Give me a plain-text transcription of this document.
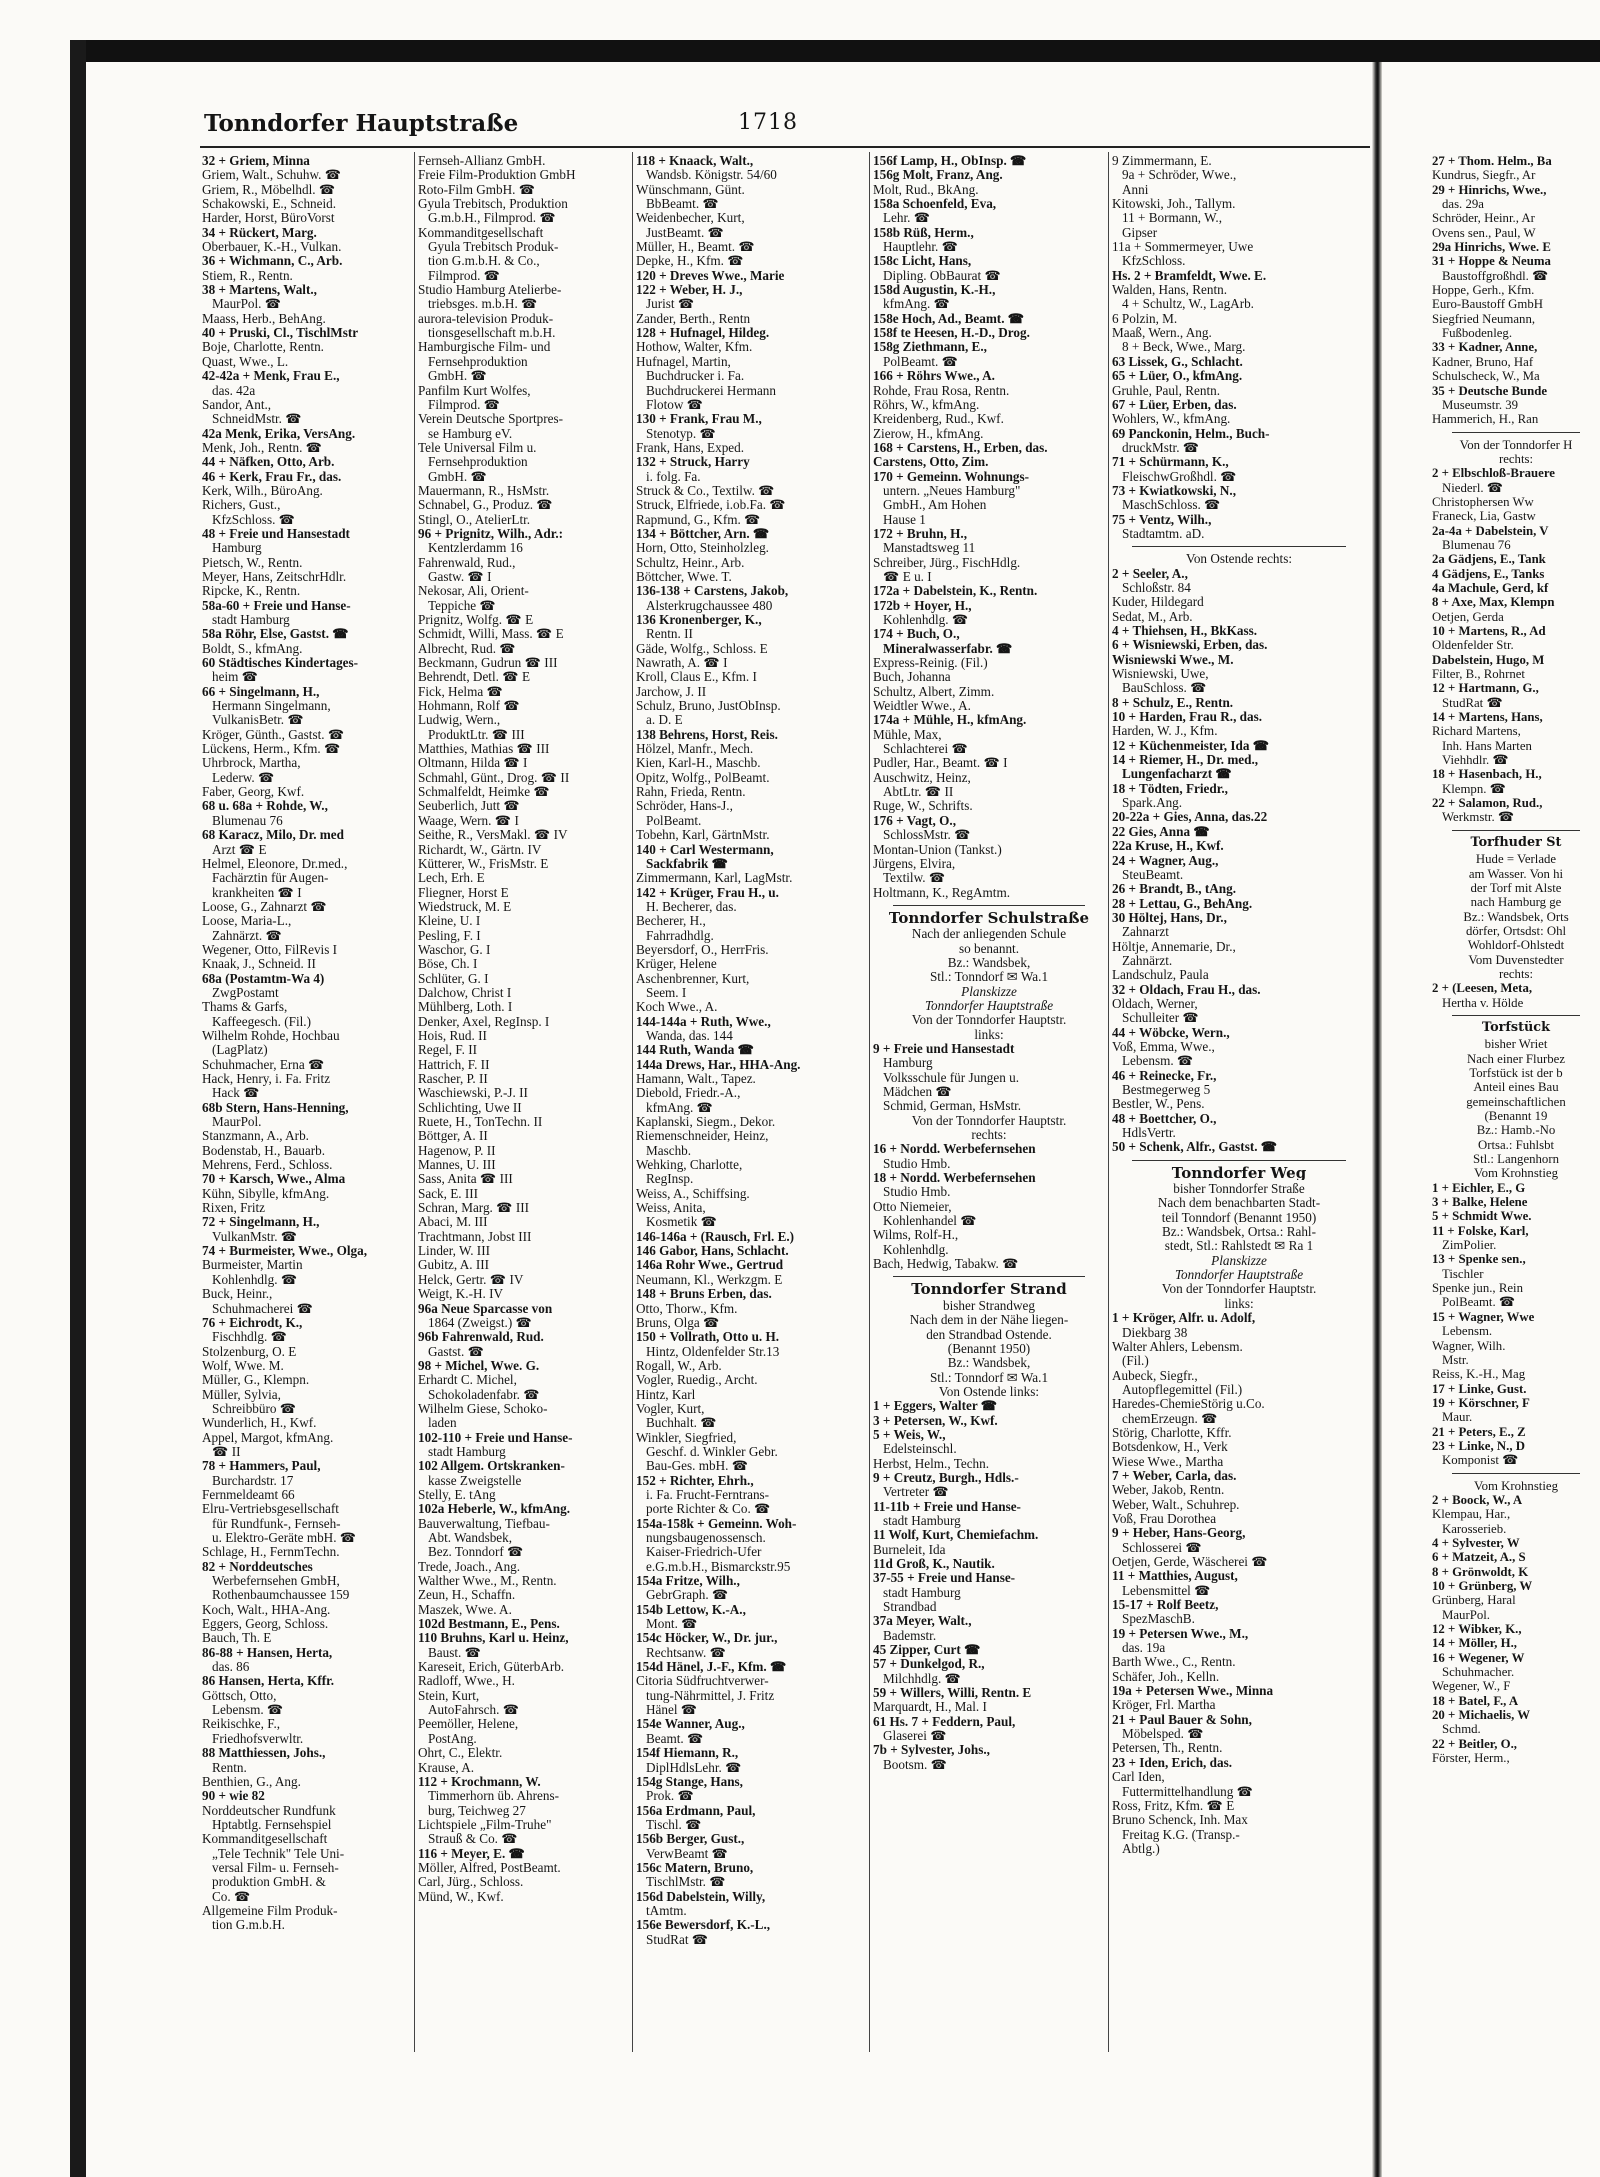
Tonndorfer Hauptstraße	1718
32 + Griem, Minna
Griem, Walt., Schuhw. ☎
Griem, R., Möbelhdl. ☎
Schakowski, E., Schneid.
Harder, Horst, BüroVorst
34 + Rückert, Marg.
Oberbauer, K.-H., Vulkan.
36 + Wichmann, C., Arb.
Stiem, R., Rentn.
38 + Martens, Walt.,
MaurPol. ☎
Maass, Herb., BehAng.
40 + Pruski, Cl., TischlMstr
Boje, Charlotte, Rentn.
Quast, Wwe., L.
42-42a + Menk, Frau E.,
das. 42a
Sandor, Ant.,
SchneidMstr. ☎
42a Menk, Erika, VersAng.
Menk, Joh., Rentn. ☎
44 + Näfken, Otto, Arb.
46 + Kerk, Frau Fr., das.
Kerk, Wilh., BüroAng.
Richers, Gust.,
KfzSchloss. ☎
48 + Freie und Hansestadt
Hamburg
Pietsch, W., Rentn.
Meyer, Hans, ZeitschrHdlr.
Ripcke, K., Rentn.
58a-60 + Freie und Hanse-
stadt Hamburg
58a Röhr, Else, Gastst. ☎
Boldt, S., kfmAng.
60 Städtisches Kindertages-
heim ☎
66 + Singelmann, H.,
Hermann Singelmann,
VulkanisBetr. ☎
Kröger, Günth., Gastst. ☎
Lückens, Herm., Kfm. ☎
Uhrbrock, Martha,
Lederw. ☎
Faber, Georg, Kwf.
68 u. 68a + Rohde, W.,
Blumenau 76
68 Karacz, Milo, Dr. med
Arzt ☎ E
Helmel, Eleonore, Dr.med.,
Fachärztin für Augen-
krankheiten ☎ I
Loose, G., Zahnarzt ☎
Loose, Maria-L.,
Zahnärzt. ☎
Wegener, Otto, FilRevis I
Knaak, J., Schneid. II
68a (Postamtm-Wa 4)
ZwgPostamt
Thams & Garfs,
Kaffeegesch. (Fil.)
Wilhelm Rohde, Hochbau
(LagPlatz)
Schuhmacher, Erna ☎
Hack, Henry, i. Fa. Fritz
Hack ☎
68b Stern, Hans-Henning,
MaurPol.
Stanzmann, A., Arb.
Bodenstab, H., Bauarb.
Mehrens, Ferd., Schloss.
70 + Karsch, Wwe., Alma
Kühn, Sibylle, kfmAng.
Rixen, Fritz
72 + Singelmann, H.,
VulkanMstr. ☎
74 + Burmeister, Wwe., Olga,
Burmeister, Martin
Kohlenhdlg. ☎
Buck, Heinr.,
Schuhmacherei ☎
76 + Eichrodt, K.,
Fischhdlg. ☎
Stolzenburg, O. E
Wolf, Wwe. M.
Müller, G., Klempn.
Müller, Sylvia,
Schreibbüro ☎
Wunderlich, H., Kwf.
Appel, Margot, kfmAng.
☎ II
78 + Hammers, Paul,
Burchardstr. 17
Fernmeldeamt 66
Elru-Vertriebsgesellschaft
für Rundfunk-, Fernseh-
u. Elektro-Geräte mbH. ☎
Schlage, H., FernmTechn.
82 + Norddeutsches
Werbefernsehen GmbH,
Rothenbaumchaussee 159
Koch, Walt., HHA-Ang.
Eggers, Georg, Schloss.
Bauch, Th. E
86-88 + Hansen, Herta,
das. 86
86 Hansen, Herta, Kffr.
Göttsch, Otto,
Lebensm. ☎
Reikischke, F.,
Friedhofsverwltr.
88 Matthiessen, Johs.,
Rentn.
Benthien, G., Ang.
90 + wie 82
Norddeutscher Rundfunk
Hptabtlg. Fernsehspiel
Kommanditgesellschaft
„Tele Technik" Tele Uni-
versal Film- u. Fernseh-
produktion GmbH. &
Co. ☎
Allgemeine Film Produk-
tion G.m.b.H.
Fernseh-Allianz GmbH.
Freie Film-Produktion GmbH
Roto-Film GmbH. ☎
Gyula Trebitsch, Produktion
G.m.b.H., Filmprod. ☎
Kommanditgesellschaft
Gyula Trebitsch Produk-
tion G.m.b.H. & Co.,
Filmprod. ☎
Studio Hamburg Atelierbe-
triebsges. m.b.H. ☎
aurora-television Produk-
tionsgesellschaft m.b.H.
Hamburgische Film- und
Fernsehproduktion
GmbH. ☎
Panfilm Kurt Wolfes,
Filmprod. ☎
Verein Deutsche Sportpres-
se Hamburg eV.
Tele Universal Film u.
Fernsehproduktion
GmbH. ☎
Mauermann, R., HsMstr.
Schnabel, G., Produz. ☎
Stingl, O., AtelierLtr.
96 + Prignitz, Wilh., Adr.:
Kentzlerdamm 16
Fahrenwald, Rud.,
Gastw. ☎ I
Nekosar, Ali, Orient-
Teppiche ☎
Prignitz, Wolfg. ☎ E
Schmidt, Willi, Mass. ☎ E
Albrecht, Rud. ☎
Beckmann, Gudrun ☎ III
Behrendt, Detl. ☎ E
Fick, Helma ☎
Hohmann, Rolf ☎
Ludwig, Wern.,
ProduktLtr. ☎ III
Matthies, Mathias ☎ III
Oltmann, Hilda ☎ I
Schmahl, Günt., Drog. ☎ II
Schmalfeldt, Heimke ☎
Seuberlich, Jutt ☎
Waage, Wern. ☎ I
Seithe, R., VersMakl. ☎ IV
Richardt, W., Gärtn. IV
Kütterer, W., FrisMstr. E
Lech, Erh. E
Fliegner, Horst E
Wiedstruck, M. E
Kleine, U. I
Pesling, F. I
Waschor, G. I
Böse, Ch. I
Schlüter, G. I
Dalchow, Christ I
Mühlberg, Loth. I
Denker, Axel, RegInsp. I
Hois, Rud. II
Regel, F. II
Hattrich, F. II
Rascher, P. II
Waschiewski, P.-J. II
Schlichting, Uwe II
Ruete, H., TonTechn. II
Böttger, A. II
Hagenow, P. II
Mannes, U. III
Sass, Anita ☎ III
Sack, E. III
Schran, Marg. ☎ III
Abaci, M. III
Trachtmann, Jobst III
Linder, W. III
Gubitz, A. III
Helck, Gertr. ☎ IV
Weigt, K.-H. IV
96a Neue Sparcasse von
1864 (Zweigst.) ☎
96b Fahrenwald, Rud.
Gastst. ☎
98 + Michel, Wwe. G.
Erhardt C. Michel,
Schokoladenfabr. ☎
Wilhelm Giese, Schoko-
laden
102-110 + Freie und Hanse-
stadt Hamburg
102 Allgem. Ortskranken-
kasse Zweigstelle
Stelly, E. tAng
102a Heberle, W., kfmAng.
Bauverwaltung, Tiefbau-
Abt. Wandsbek,
Bez. Tonndorf ☎
Trede, Joach., Ang.
Walther Wwe., M., Rentn.
Zeun, H., Schaffn.
Maszek, Wwe. A.
102d Bestmann, E., Pens.
110 Bruhns, Karl u. Heinz,
Baust. ☎
Kareseit, Erich, GüterbArb.
Radloff, Wwe., H.
Stein, Kurt,
AutoFahrsch. ☎
Peemöller, Helene,
PostAng.
Ohrt, C., Elektr.
Krause, A.
112 + Krochmann, W.
Timmerhorn üb. Ahrens-
burg, Teichweg 27
Lichtspiele „Film-Truhe"
Strauß & Co. ☎
116 + Meyer, E. ☎
Möller, Alfred, PostBeamt.
Carl, Jürg., Schloss.
Münd, W., Kwf.
118 + Knaack, Walt.,
Wandsb. Königstr. 54/60
Wünschmann, Günt.
BbBeamt. ☎
Weidenbecher, Kurt,
JustBeamt. ☎
Müller, H., Beamt. ☎
Depke, H., Kfm. ☎
120 + Dreves Wwe., Marie
122 + Weber, H. J.,
Jurist ☎
Zander, Berth., Rentn
128 + Hufnagel, Hildeg.
Hothow, Walter, Kfm.
Hufnagel, Martin,
Buchdrucker i. Fa.
Buchdruckerei Hermann
Flotow ☎
130 + Frank, Frau M.,
Stenotyp. ☎
Frank, Hans, Exped.
132 + Struck, Harry
i. folg. Fa.
Struck & Co., Textilw. ☎
Struck, Elfriede, i.ob.Fa. ☎
Rapmund, G., Kfm. ☎
134 + Böttcher, Arn. ☎
Horn, Otto, Steinholzleg.
Schultz, Heinr., Arb.
Böttcher, Wwe. T.
136-138 + Carstens, Jakob,
Alsterkrugchaussee 480
136 Kronenberger, K.,
Rentn. II
Gäde, Wolfg., Schloss. E
Nawrath, A. ☎ I
Kroll, Claus E., Kfm. I
Jarchow, J. II
Schulz, Bruno, JustObInsp.
a. D. E
138 Behrens, Horst, Reis.
Hölzel, Manfr., Mech.
Kien, Karl-H., Maschb.
Opitz, Wolfg., PolBeamt.
Rahn, Frieda, Rentn.
Schröder, Hans-J.,
PolBeamt.
Tobehn, Karl, GärtnMstr.
140 + Carl Westermann,
Sackfabrik ☎
Zimmermann, Karl, LagMstr.
142 + Krüger, Frau H., u.
H. Becherer, das.
Becherer, H.,
Fahrradhdlg.
Beyersdorf, O., HerrFris.
Krüger, Helene
Aschenbrenner, Kurt,
Seem. I
Koch Wwe., A.
144-144a + Ruth, Wwe.,
Wanda, das. 144
144 Ruth, Wanda ☎
144a Drews, Har., HHA-Ang.
Hamann, Walt., Tapez.
Diebold, Friedr.-A.,
kfmAng. ☎
Kaplanski, Siegm., Dekor.
Riemenschneider, Heinz,
Maschb.
Wehking, Charlotte,
RegInsp.
Weiss, A., Schiffsing.
Weiss, Anita,
Kosmetik ☎
146-146a + (Rausch, Frl. E.)
146 Gabor, Hans, Schlacht.
146a Rohr Wwe., Gertrud
Neumann, Kl., Werkzgm. E
148 + Bruns Erben, das.
Otto, Thorw., Kfm.
Bruns, Olga ☎
150 + Vollrath, Otto u. H.
Hintz, Oldenfelder Str.13
Rogall, W., Arb.
Vogler, Ruedig., Archt.
Hintz, Karl
Vogler, Kurt,
Buchhalt. ☎
Winkler, Siegfried,
Geschf. d. Winkler Gebr.
Bau-Ges. mbH. ☎
152 + Richter, Ehrh.,
i. Fa. Frucht-Ferntrans-
porte Richter & Co. ☎
154a-158k + Gemeinn. Woh-
nungsbaugenossensch.
Kaiser-Friedrich-Ufer
e.G.m.b.H., Bismarckstr.95
154a Fritze, Wilh.,
GebrGraph. ☎
154b Lettow, K.-A.,
Mont. ☎
154c Höcker, W., Dr. jur.,
Rechtsanw. ☎
154d Hänel, J.-F., Kfm. ☎
Citoria Südfruchtverwer-
tung-Nährmittel, J. Fritz
Hänel ☎
154e Wanner, Aug.,
Beamt. ☎
154f Hiemann, R.,
DiplHdlsLehr. ☎
154g Stange, Hans,
Prok. ☎
156a Erdmann, Paul,
Tischl. ☎
156b Berger, Gust.,
VerwBeamt ☎
156c Matern, Bruno,
TischlMstr. ☎
156d Dabelstein, Willy,
tAmtm.
156e Bewersdorf, K.-L.,
StudRat ☎
156f Lamp, H., ObInsp. ☎
156g Molt, Franz, Ang.
Molt, Rud., BkAng.
158a Schoenfeld, Eva,
Lehr. ☎
158b Rüß, Herm.,
Hauptlehr. ☎
158c Licht, Hans,
Dipling. ObBaurat ☎
158d Augustin, K.-H.,
kfmAng. ☎
158e Hoch, Ad., Beamt. ☎
158f te Heesen, H.-D., Drog.
158g Ziethmann, E.,
PolBeamt. ☎
166 + Röhrs Wwe., A.
Rohde, Frau Rosa, Rentn.
Röhrs, W., kfmAng.
Kreidenberg, Rud., Kwf.
Zierow, H., kfmAng.
168 + Carstens, H., Erben, das.
Carstens, Otto, Zim.
170 + Gemeinn. Wohnungs-
untern. „Neues Hamburg"
GmbH., Am Hohen
Hause 1
172 + Bruhn, H.,
Manstadtsweg 11
Schreiber, Jürg., FischHdlg.
☎ E u. I
172a + Dabelstein, K., Rentn.
172b + Hoyer, H.,
Kohlenhdlg. ☎
174 + Buch, O.,
Mineralwasserfabr. ☎
Express-Reinig. (Fil.)
Buch, Johanna
Schultz, Albert, Zimm.
Weidtler Wwe., A.
174a + Mühle, H., kfmAng.
Mühle, Max,
Schlachterei ☎
Pudler, Har., Beamt. ☎ I
Auschwitz, Heinz,
AbtLtr. ☎ II
Ruge, W., Schrifts.
176 + Vagt, O.,
SchlossMstr. ☎
Montan-Union (Tankst.)
Jürgens, Elvira,
Textilw. ☎
Holtmann, K., RegAmtm.
Tonndorfer Schulstraße
Nach der anliegenden Schule
so benannt.
Bz.: Wandsbek,
Stl.: Tonndorf ✉ Wa.1
Planskizze
Tonndorfer Hauptstraße
Von der Tonndorfer Hauptstr.
links:
9 + Freie und Hansestadt
Hamburg
Volksschule für Jungen u.
Mädchen ☎
Schmid, German, HsMstr.
Von der Tonndorfer Hauptstr.
rechts:
16 + Nordd. Werbefernsehen
Studio Hmb.
18 + Nordd. Werbefernsehen
Studio Hmb.
Otto Niemeier,
Kohlenhandel ☎
Wilms, Rolf-H.,
Kohlenhdlg.
Bach, Hedwig, Tabakw. ☎
Tonndorfer Strand
bisher Strandweg
Nach dem in der Nähe liegen-
den Strandbad Ostende.
(Benannt 1950)
Bz.: Wandsbek,
Stl.: Tonndorf ✉ Wa.1
Von Ostende links:
1 + Eggers, Walter ☎
3 + Petersen, W., Kwf.
5 + Weis, W.,
Edelsteinschl.
Herbst, Helm., Techn.
9 + Creutz, Burgh., Hdls.-
Vertreter ☎
11-11b + Freie und Hanse-
stadt Hamburg
11 Wolf, Kurt, Chemiefachm.
Burneleit, Ida
11d Groß, K., Nautik.
37-55 + Freie und Hanse-
stadt Hamburg
Strandbad
37a Meyer, Walt.,
Bademstr.
45 Zipper, Curt ☎
57 + Dunkelgod, R.,
Milchhdlg. ☎
59 + Willers, Willi, Rentn. E
Marquardt, H., Mal. I
61 Hs. 7 + Feddern, Paul,
Glaserei ☎
7b + Sylvester, Johs.,
Bootsm. ☎
9 Zimmermann, E.
9a + Schröder, Wwe.,
Anni
Kitowski, Joh., Tallym.
11 + Bormann, W.,
Gipser
11a + Sommermeyer, Uwe
KfzSchloss.
Hs. 2 + Bramfeldt, Wwe. E.
Walden, Hans, Rentn.
4 + Schultz, W., LagArb.
6 Polzin, M.
Maaß, Wern., Ang.
8 + Beck, Wwe., Marg.
63 Lissek, G., Schlacht.
65 + Lüer, O., kfmAng.
Gruhle, Paul, Rentn.
67 + Lüer, Erben, das.
Wohlers, W., kfmAng.
69 Panckonin, Helm., Buch-
druckMstr. ☎
71 + Schürmann, K.,
FleischwGroßhdl. ☎
73 + Kwiatkowski, N.,
MaschSchloss. ☎
75 + Ventz, Wilh.,
Stadtamtm. aD.
Von Ostende rechts:
2 + Seeler, A.,
Schloßstr. 84
Kuder, Hildegard
Sedat, M., Arb.
4 + Thiehsen, H., BkKass.
6 + Wisniewski, Erben, das.
Wisniewski Wwe., M.
Wisniewski, Uwe,
BauSchloss. ☎
8 + Schulz, E., Rentn.
10 + Harden, Frau R., das.
Harden, W. J., Kfm.
12 + Küchenmeister, Ida ☎
14 + Riemer, H., Dr. med.,
Lungenfacharzt ☎
18 + Tödten, Friedr.,
Spark.Ang.
20-22a + Gies, Anna, das.22
22 Gies, Anna ☎
22a Kruse, H., Kwf.
24 + Wagner, Aug.,
SteuBeamt.
26 + Brandt, B., tAng.
28 + Lettau, G., BehAng.
30 Höltej, Hans, Dr.,
Zahnarzt
Höltje, Annemarie, Dr.,
Zahnärzt.
Landschulz, Paula
32 + Oldach, Frau H., das.
Oldach, Werner,
Schulleiter ☎
44 + Wöbcke, Wern.,
Voß, Emma, Wwe.,
Lebensm. ☎
46 + Reinecke, Fr.,
Bestmegerweg 5
Bestler, W., Pens.
48 + Boettcher, O.,
HdlsVertr.
50 + Schenk, Alfr., Gastst. ☎
Tonndorfer Weg
bisher Tonndorfer Straße
Nach dem benachbarten Stadt-
teil Tonndorf (Benannt 1950)
Bz.: Wandsbek, Ortsa.: Rahl-
stedt, Stl.: Rahlstedt ✉ Ra 1
Planskizze
Tonndorfer Hauptstraße
Von der Tonndorfer Hauptstr.
links:
1 + Kröger, Alfr. u. Adolf,
Diekbarg 38
Walter Ahlers, Lebensm.
(Fil.)
Aubeck, Siegfr.,
Autopflegemittel (Fil.)
Haredes-ChemieStörig u.Co.
chemErzeugn. ☎
Störig, Charlotte, Kffr.
Botsdenkow, H., Verk
Wiese Wwe., Martha
7 + Weber, Carla, das.
Weber, Jakob, Rentn.
Weber, Walt., Schuhrep.
Voß, Frau Dorothea
9 + Heber, Hans-Georg,
Schlosserei ☎
Oetjen, Gerde, Wäscherei ☎
11 + Matthies, August,
Lebensmittel ☎
15-17 + Rolf Beetz,
SpezMaschB.
19 + Petersen Wwe., M.,
das. 19a
Barth Wwe., C., Rentn.
Schäfer, Joh., Kelln.
19a + Petersen Wwe., Minna
Kröger, Frl. Martha
21 + Paul Bauer & Sohn,
Möbelsped. ☎
Petersen, Th., Rentn.
23 + Iden, Erich, das.
Carl Iden,
Futtermittelhandlung ☎
Ross, Fritz, Kfm. ☎ E
Bruno Schenck, Inh. Max
Freitag K.G. (Transp.-
Abtlg.)
27 + Thom. Helm., Ba
Kundrus, Siegfr., Ar
29 + Hinrichs, Wwe.,
das. 29a
Schröder, Heinr., Ar
Ovens sen., Paul, W
29a Hinrichs, Wwe. E
31 + Hoppe & Neuma
Baustoffgroßhdl. ☎
Hoppe, Gerh., Kfm.
Euro-Baustoff GmbH
Siegfried Neumann,
Fußbodenleg.
33 + Kadner, Anne,
Kadner, Bruno, Haf
Schulscheck, W., Ma
35 + Deutsche Bunde
Museumstr. 39
Hammerich, H., Ran
Von der Tonndorfer H
rechts:
2 + Elbschloß-Brauere
Niederl. ☎
Christophersen Ww
Franeck, Lia, Gastw
2a-4a + Dabelstein, V
Blumenau 76
2a Gädjens, E., Tank
4 Gädjens, E., Tanks
4a Machule, Gerd, kf
8 + Axe, Max, Klempn
Oetjen, Gerda
10 + Martens, R., Ad
Oldenfelder Str.
Dabelstein, Hugo, M
Filter, B., Rohrnet
12 + Hartmann, G.,
StudRat ☎
14 + Martens, Hans,
Richard Martens,
Inh. Hans Marten
Viehhdlr. ☎
18 + Hasenbach, H.,
Klempn. ☎
22 + Salamon, Rud.,
Werkmstr. ☎
Torfhuder St
Hude = Verlade
am Wasser. Von hi
der Torf mit Alste
nach Hamburg ge
Bz.: Wandsbek, Orts
dörfer, Ortsdst: Ohl
Wohldorf-Ohlstedt
Vom Duvenstedter
rechts:
2 + (Leesen, Meta,
Hertha v. Hölde
Torfstück
bisher Wriet
Nach einer Flurbez
Torfstück ist der b
Anteil eines Bau
gemeinschaftlichen
(Benannt 19
Bz.: Hamb.-No
Ortsa.: Fuhlsbt
Stl.: Langenhorn
Vom Krohnstieg
1 + Eichler, E., G
3 + Balke, Helene
5 + Schmidt Wwe.
11 + Folske, Karl,
ZimPolier.
13 + Spenke sen.,
Tischler
Spenke jun., Rein
PolBeamt. ☎
15 + Wagner, Wwe
Lebensm.
Wagner, Wilh.
Mstr.
Reiss, K.-H., Mag
17 + Linke, Gust.
19 + Körschner, F
Maur.
21 + Peters, E., Z
23 + Linke, N., D
Komponist ☎
Vom Krohnstieg
2 + Boock, W., A
Klempau, Har.,
Karosserieb.
4 + Sylvester, W
6 + Matzeit, A., S
8 + Grönwoldt, K
10 + Grünberg, W
Grünberg, Haral
MaurPol.
12 + Wibker, K.,
14 + Möller, H.,
16 + Wegener, W
Schuhmacher.
Wegener, W., F
18 + Batel, F., A
20 + Michaelis, W
Schmd.
22 + Beitler, O.,
Förster, Herm.,
